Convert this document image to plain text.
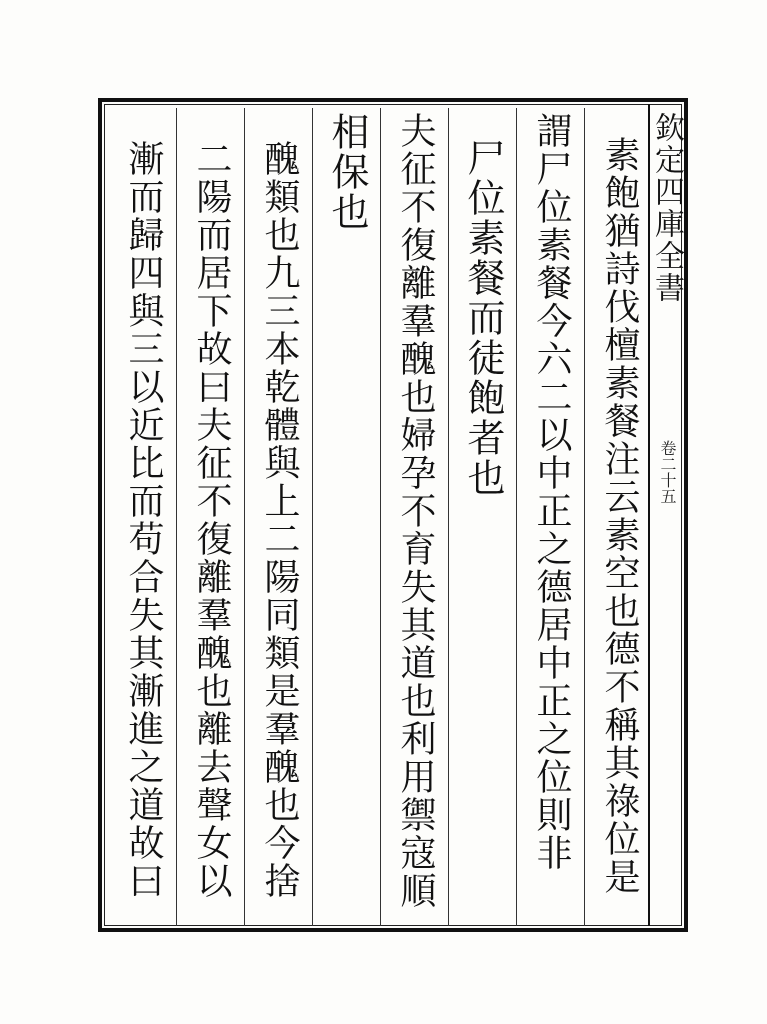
欽定四庫全書
卷二十五
素飽猶詩伐檀素餐注云素空也德不稱其祿位是
謂尸位素餐今六二以中正之德居中正之位則非
尸位素餐而徒飽者也
夫征不復離羣醜也婦孕不育失其道也利用禦寇順
相保也
醜類也九三本乾體與上二陽同類是羣醜也今捨
二陽而居下故曰夫征不復離羣醜也離去聲女以
漸而歸四與三以近比而苟合失其漸進之道故曰
